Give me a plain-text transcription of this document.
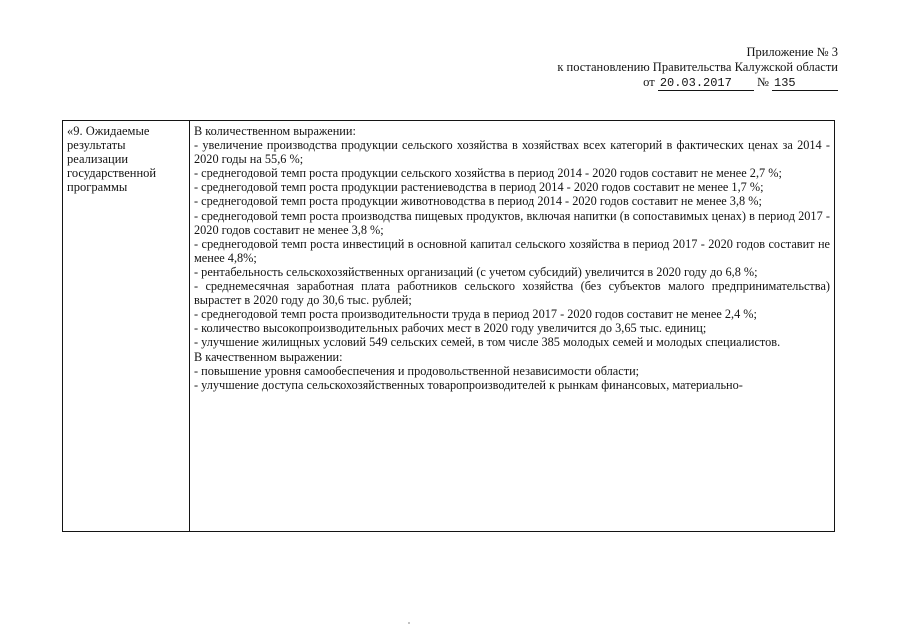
Приложение № 3
к постановлению Правительства Калужской области
от 20.03.2017 № 135
«9. Ожидаемые результаты реализации государственной программы

В количественном выражении:

- увеличение производства продукции сельского хозяйства в хозяйствах всех категорий в фактических ценах за 2014 - 2020 годы на 55,6 %;

- среднегодовой темп роста продукции сельского хозяйства в период 2014 - 2020 годов составит не менее 2,7 %;

- среднегодовой темп роста продукции растениеводства в период 2014 - 2020 годов составит не менее 1,7 %;

- среднегодовой темп роста продукции животноводства в период 2014 - 2020 годов составит не менее 3,8 %;

- среднегодовой темп роста производства пищевых продуктов, включая напитки (в сопоставимых ценах) в период 2017 - 2020 годов составит не менее 3,8 %;

- среднегодовой темп роста инвестиций в основной капитал сельского хозяйства в период 2017 - 2020 годов составит не менее 4,8%;

- рентабельность сельскохозяйственных организаций (с учетом субсидий) увеличится в 2020 году до 6,8 %;

- среднемесячная заработная плата работников сельского хозяйства (без субъектов малого предпринимательства) вырастет в 2020 году до 30,6 тыс. рублей;

- среднегодовой темп роста производительности труда в период 2017 - 2020 годов составит не менее 2,4 %;

- количество высокопроизводительных рабочих мест в 2020 году увеличится до 3,65 тыс. единиц;

- улучшение жилищных условий 549 сельских семей, в том числе 385 молодых семей и молодых специалистов.

В качественном выражении:

- повышение уровня самообеспечения и продовольственной независимости области;

- улучшение доступа сельскохозяйственных товаропроизводителей к рынкам финансовых, материально-
